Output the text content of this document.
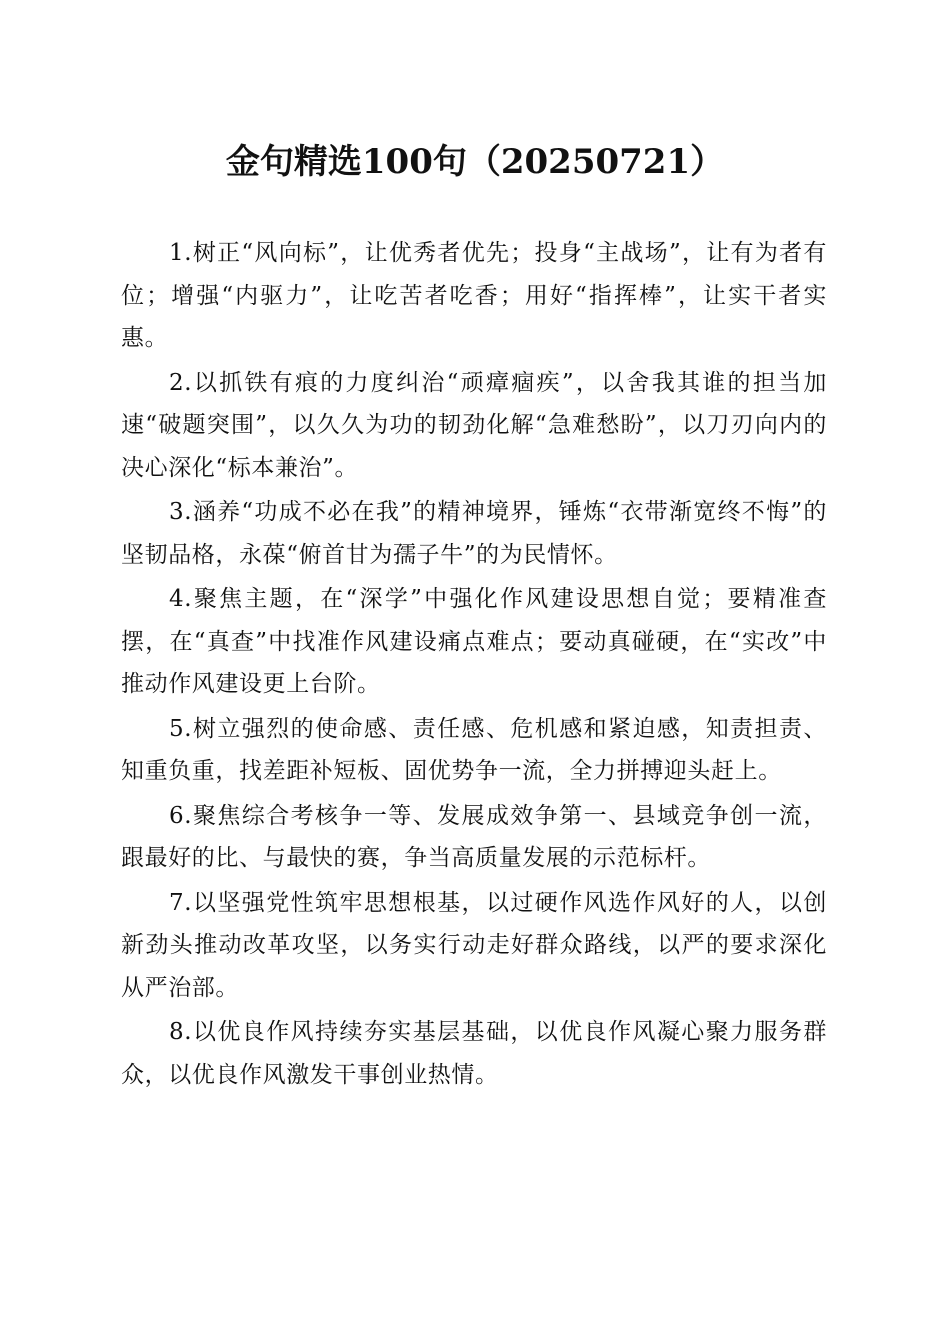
金句精选100句（20250721）

1.树正“风向标”，让优秀者优先；投身“主战场”，让有为者有位；增强“内驱力”，让吃苦者吃香；用好“指挥棒”，让实干者实惠。

2.以抓铁有痕的力度纠治“顽瘴痼疾”，以舍我其谁的担当加速“破题突围”，以久久为功的韧劲化解“急难愁盼”，以刀刃向内的决心深化“标本兼治”。

3.涵养“功成不必在我”的精神境界，锤炼“衣带渐宽终不悔”的坚韧品格，永葆“俯首甘为孺子牛”的为民情怀。

4.聚焦主题，在“深学”中强化作风建设思想自觉；要精准查摆，在“真查”中找准作风建设痛点难点；要动真碰硬，在“实改”中推动作风建设更上台阶。

5.树立强烈的使命感、责任感、危机感和紧迫感，知责担责、知重负重，找差距补短板、固优势争一流，全力拼搏迎头赶上。

6.聚焦综合考核争一等、发展成效争第一、县域竞争创一流，跟最好的比、与最快的赛，争当高质量发展的示范标杆。

7.以坚强党性筑牢思想根基，以过硬作风选作风好的人，以创新劲头推动改革攻坚，以务实行动走好群众路线，以严的要求深化从严治部。

8.以优良作风持续夯实基层基础，以优良作风凝心聚力服务群众，以优良作风激发干事创业热情。
